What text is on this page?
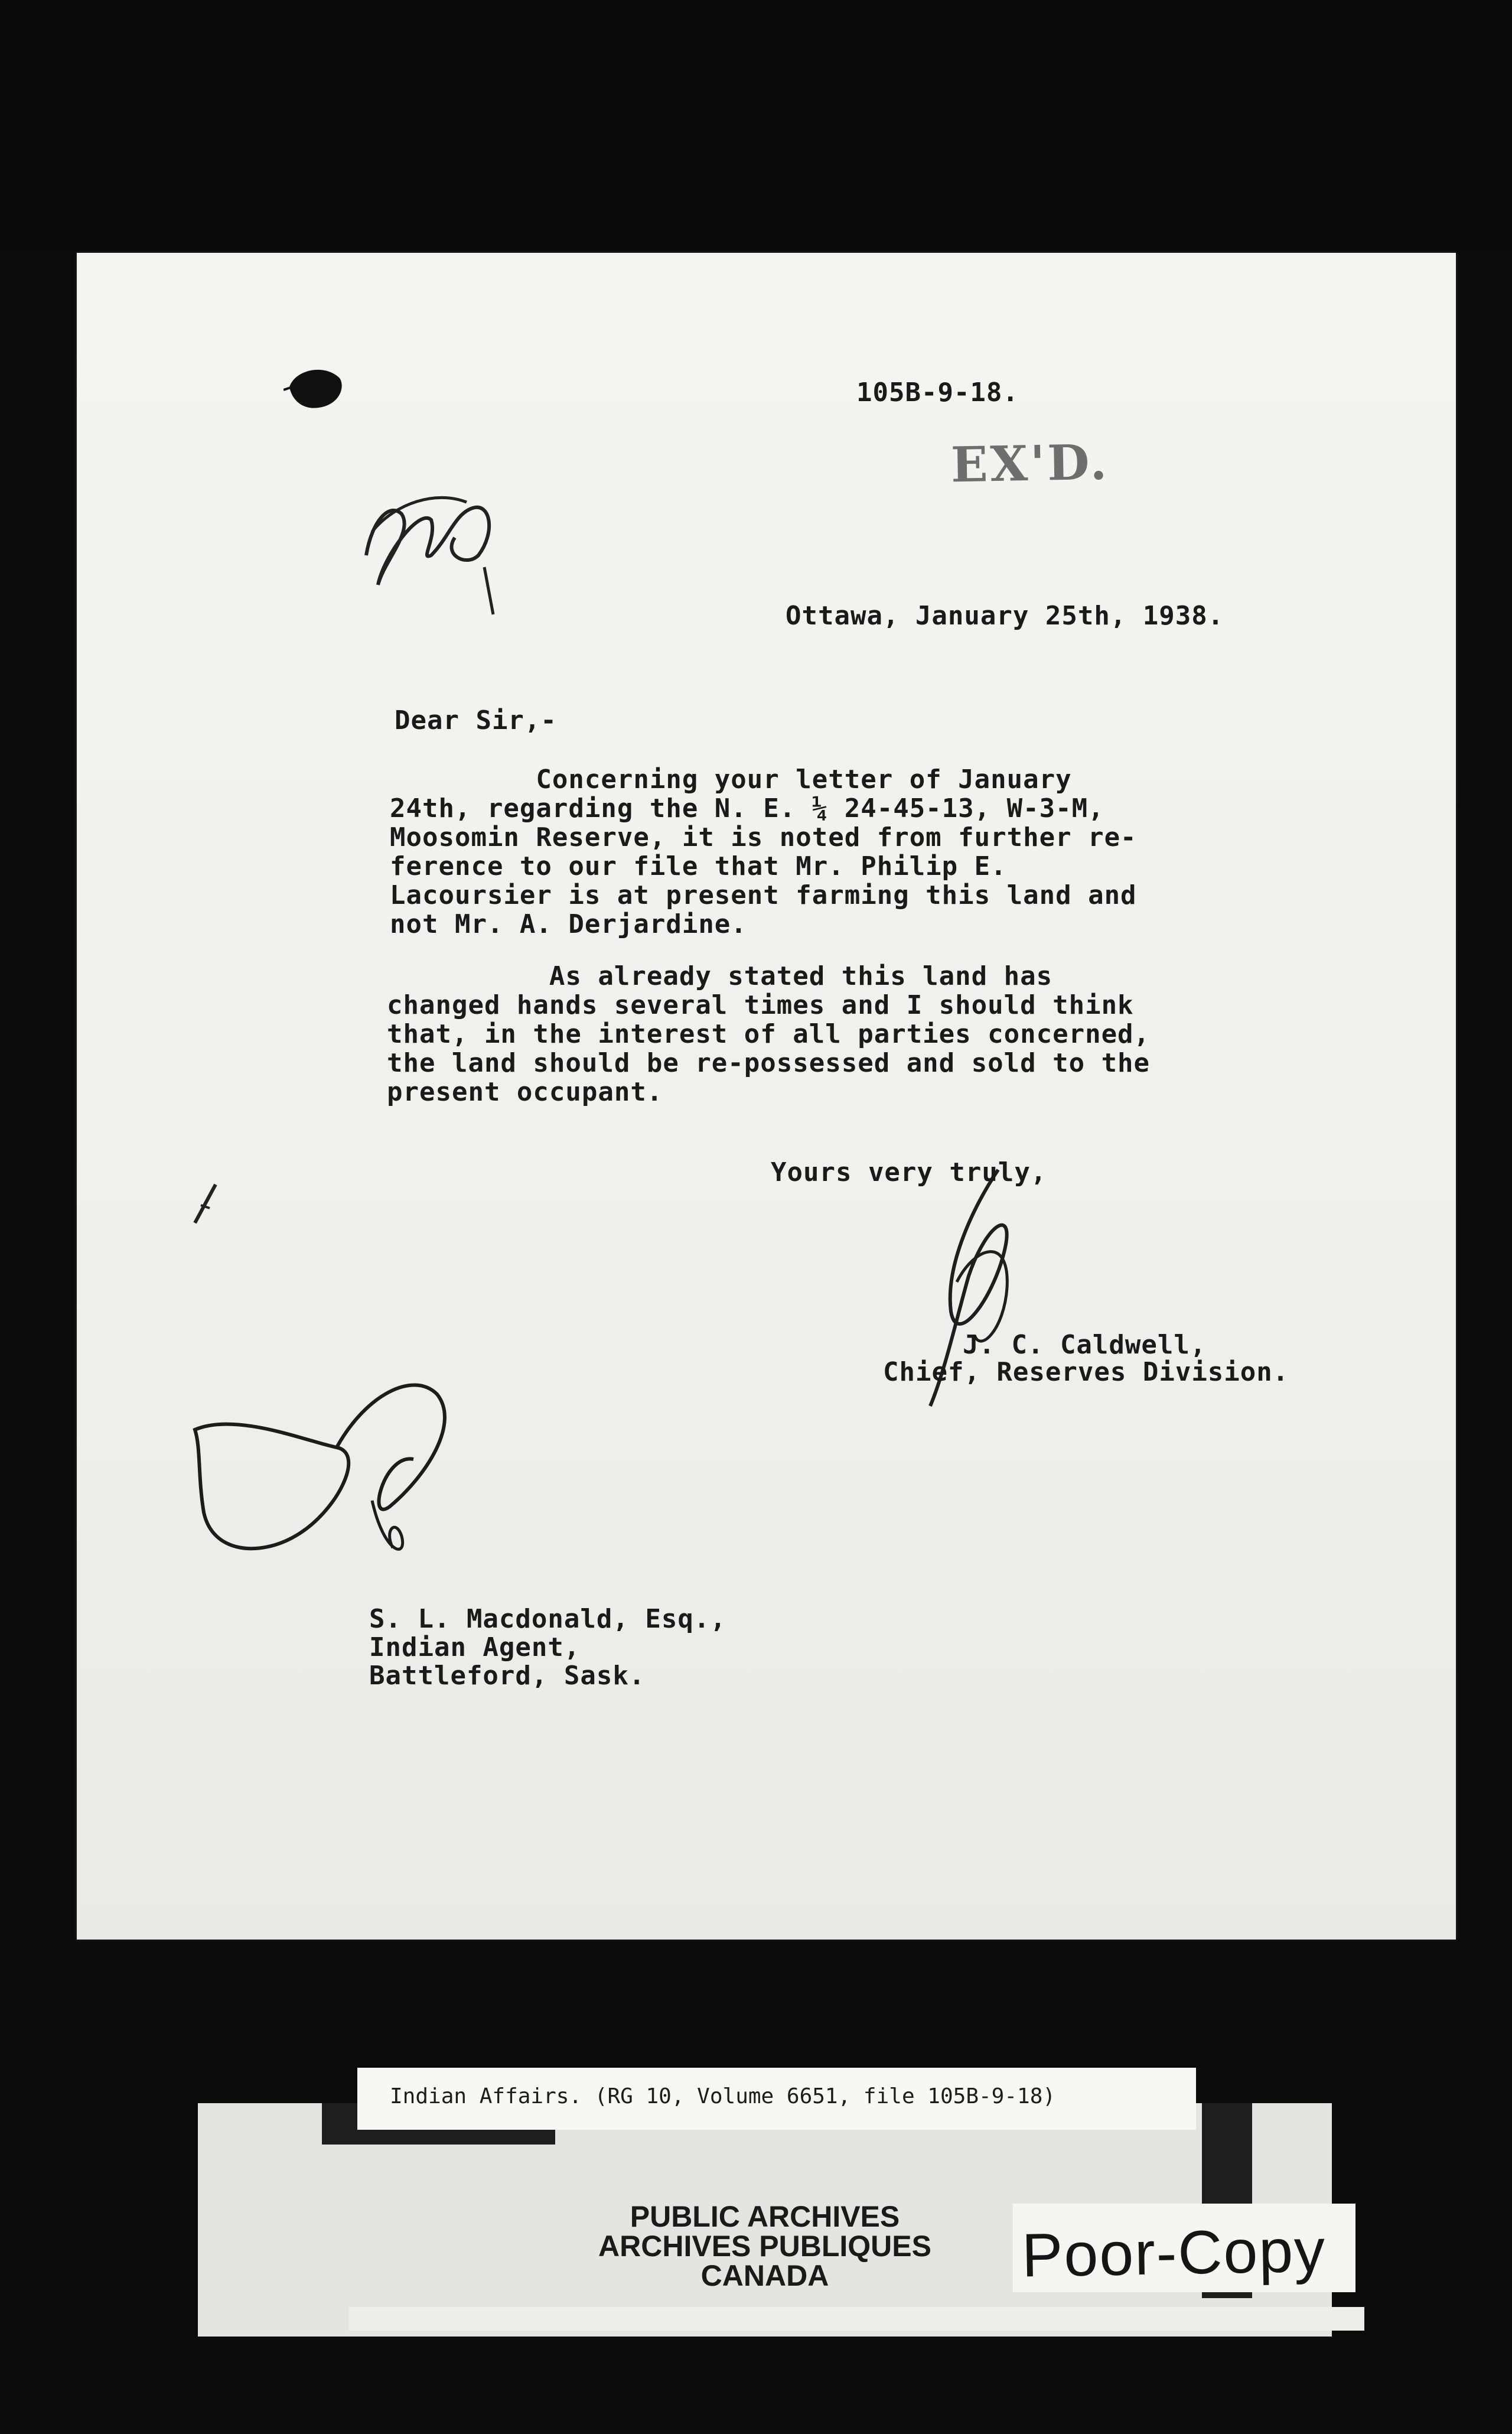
105B-9-18.
EX'D.
Ottawa, January 25th, 1938.
Dear Sir,-
Concerning your letter of January
24th, regarding the N. E. ¼ 24-45-13, W-3-M,
Moosomin Reserve, it is noted from further re-
ference to our file that Mr. Philip E.
Lacoursier is at present farming this land and
not Mr. A. Derjardine.
As already stated this land has
changed hands several times and I should think
that, in the interest of all parties concerned,
the land should be re-possessed and sold to the
present occupant.
Yours very truly,
J. C. Caldwell,
Chief, Reserves Division.
S. L. Macdonald, Esq.,
Indian Agent,
Battleford, Sask.
Indian Affairs. (RG 10, Volume 6651, file 105B-9-18)
PUBLIC ARCHIVES
ARCHIVES PUBLIQUES
CANADA	Poor-Copy
